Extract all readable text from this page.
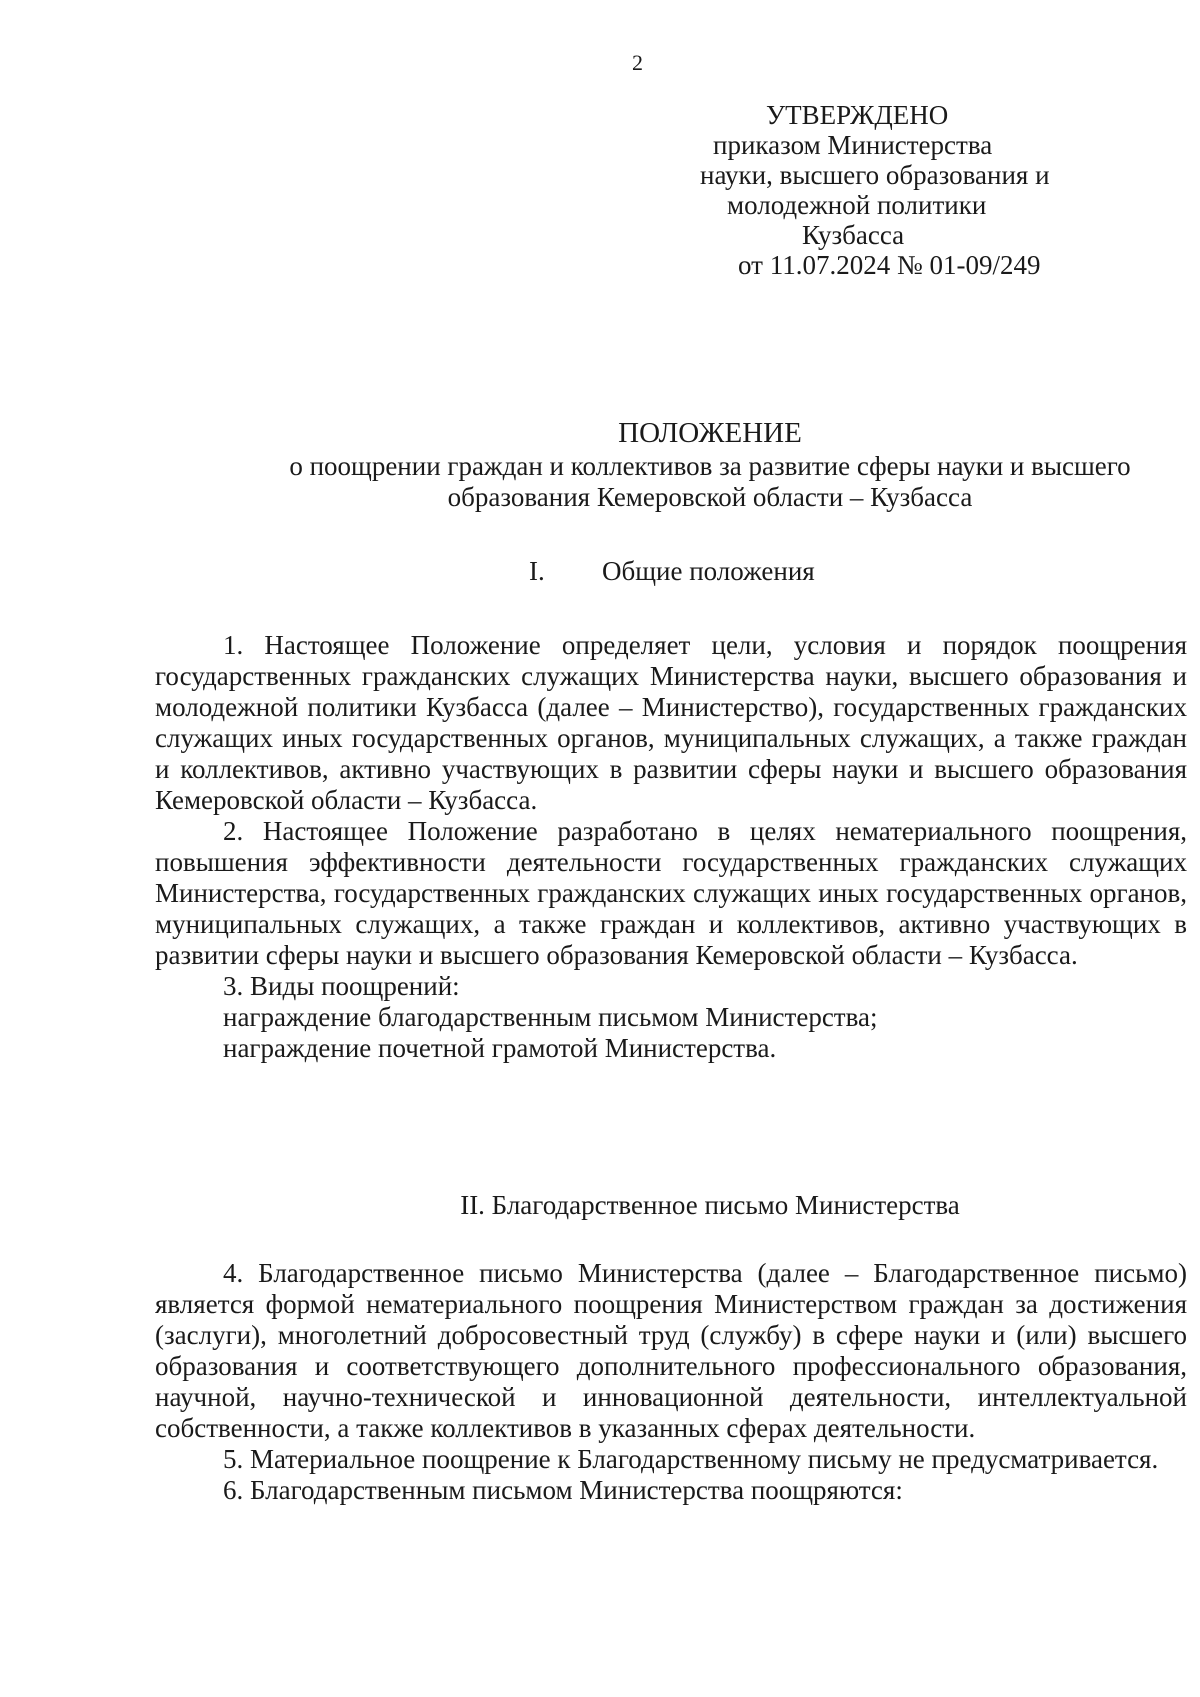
2
УТВЕРЖДЕНО
приказом Министерства
науки, высшего образования и
молодежной политики
Кузбасса
от 11.07.2024 № 01-09/249
ПОЛОЖЕНИЕ
о поощрении граждан и коллективов за развитие сферы науки и высшего
образования Кемеровской области – Кузбасса
I. Общие положения

1. Настоящее Положение определяет цели, условия и порядок поощрения государственных гражданских служащих Министерства науки, высшего образования и молодежной политики Кузбасса (далее – Министерство), государственных гражданских служащих иных государственных органов, муниципальных служащих, а также граждан и коллективов, активно участвующих в развитии сферы науки и высшего образования Кемеровской области – Кузбасса.

2. Настоящее Положение разработано в целях нематериального поощрения, повышения эффективности деятельности государственных гражданских служащих Министерства, государственных гражданских служащих иных государственных органов, муниципальных служащих, а также граждан и коллективов, активно участвующих в развитии сферы науки и высшего образования Кемеровской области – Кузбасса.

3. Виды поощрений:

награждение благодарственным письмом Министерства;

награждение почетной грамотой Министерства.

II. Благодарственное письмо Министерства

4. Благодарственное письмо Министерства (далее – Благодарственное письмо) является формой нематериального поощрения Министерством граждан за достижения (заслуги), многолетний добросовестный труд (службу) в сфере науки и (или) высшего образования и соответствующего дополнительного профессионального образования, научной, научно-технической и инновационной деятельности, интеллектуальной собственности, а также коллективов в указанных сферах деятельности.

5. Материальное поощрение к Благодарственному письму не предусматривается.

6. Благодарственным письмом Министерства поощряются:
